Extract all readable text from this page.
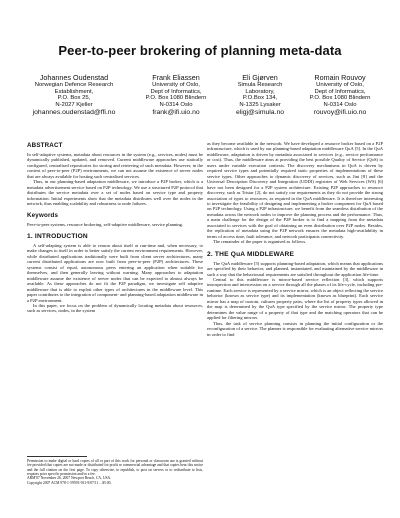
Peer-to-peer brokering of planning meta-data
Johannes Oudenstad
Norwegian Defence Research
Establishment,
P.O. Box 25,
N-2027 Kjeller
johannes.oudenstad@ffi.no
Frank Eliassen
University of Oslo,
Dept of Informatics,
P.O. Box 1080 Blindern
N-0314 Oslo
frank@ifi.uio.no
Eli Gjørven
Simula Research
Laboratory,
P.O.Box 134,
N-1325 Lysaker
eligj@simula.no
Romain Rouvoy
University of Oslo,
Dept of Informatics,
P.O. Box 1080 Blindern
N-0314 Oslo
rouvoy@ifi.uio.no
ABSTRACT

In self-adaptive systems, metadata about resources in the system (e.g., services, nodes) must be dynamically published, updated, and removed. Current middleware approaches use statically configured, centralised repositories for storing and retrieving of such metadata. However, in the context of peer-to-peer (P2P) environments, we can not assume the existence of server nodes that are always available for hosting such centralised services.

Thus, in our planning-based adaptation middleware, we introduce a P2P broker, which is a metadata advertisement service based on P2P technology. We use a structured P2P protocol that distributes the service metadata over a set of nodes based on service type and property information. Initial experiments show that the metadata distributes well over the nodes in the network, thus enabling scalability and robustness to node failures.

Keywords

Peer-to-peer systems, resource brokering, self-adaptive middleware, service planning.

1. INTRODUCTION

A self-adapting system is able to reason about itself at run-time and, when necessary, to make changes to itself in order to better satisfy the current environment requirements. However, while distributed applications traditionally were built from client server architectures, many current distributed applications are now built from peer-to-peer (P2P) architectures. These systems consist of equal, autonomous peers entering an application when suitable for themselves, and then generally leaving without warning. Many approaches to adaptation middleware assume the existence of server nodes that can be expected to almost always be available. As these approaches do not fit the P2P paradigm, we investigate self adaptive middleware that is able to exploit other types of architectures in the middleware level. This paper contributes to the integration of component- and planning-based adaptation middleware in a P2P environment.

In this paper, we focus on the problem of dynamically locating metadata about resources, such as services, nodes, in the system

Permission to make digital or hard copies of all or part of this work for personal or classroom use is granted without fee provided that copies are not made or distributed for profit or commercial advantage and that copies bear this notice and the full citation on the first page. To copy otherwise, to republish, to post on servers or to redistribute to lists, requires prior specific permission and/or a fee.

ARM'07 November 26, 2007 Newport Beach, CA, USA.

Copyright 2007 ACM 978-1-59593-931-9/07/11 ...$5.00.

as they become available in the network. We have developed a resource broker based on a P2P infrastructure, which is used by our planning-based adaptation middleware QuA [5]. In the QuA middleware, adaptation is driven by metadata associated to services (e.g., service performance or cost). Thus, the middleware aims at providing the best possible Quality of Service (QoS) to users under variable execution contexts. The discovery mechanisms in QuA is driven by required service types and potentially required static properties of implementations of these service types. Other approaches to dynamic discovery of services, such as Jini [8] and the Universal Description Discovery and Integration (UDDI) registries of Web Services (WS) [6] have not been designed for a P2P system architecture. Existing P2P approaches to resource discovery, such as Tristar [2], do not satisfy our requirements as they do not provide the strong association of types to resources, as required in the QuA middleware. It is therefore interesting to investigate the feasibility of designing and implementing a broker component for QuA based on P2P technology. Using a P2P infrastructure, we benefit from the seamless distribution of the metadata across the network nodes to improve the planning process and the performance. Thus, a main challenge for the design of the P2P broker is to find a mapping from the metadata associated to services with the goal of obtaining an even distribution over P2P nodes. Besides, the replication of metadata using the P2P network ensures the metadata high-availability in terms of access time, fault tolerance, and network participants connectivity.

The remainder of the paper is organised as follows.

2. THE QuA MIDDLEWARE

The QuA middleware [5] supports planning-based adaptation, which means that applications are specified by their behavior, and planned, instantiated, and maintained by the middleware in such a way that the behavioural requirements are satisfied throughout the application life-time.

Central to this middleware is mirror-based service reflection [3], which supports introspection and intercession on a service through all the phases of its life-cycle, including pre-runtime. Each service is represented by a service mirror, which is an object reflecting the service behavior (known as service type) and its implementation (known as blueprint). Each service mirror has a map of custom, cultures property pairs, where the list of property types allowed in the map is determined by the QuA type specified by the service mirror. The property type determines the value range of a property of that type and the matching operators that can be applied for filtering mirrors.

Thus, the task of service planning consists in planning the initial configuration or the reconfiguration of a service. The planner is responsible for evaluating alternative service mirrors in order to find
